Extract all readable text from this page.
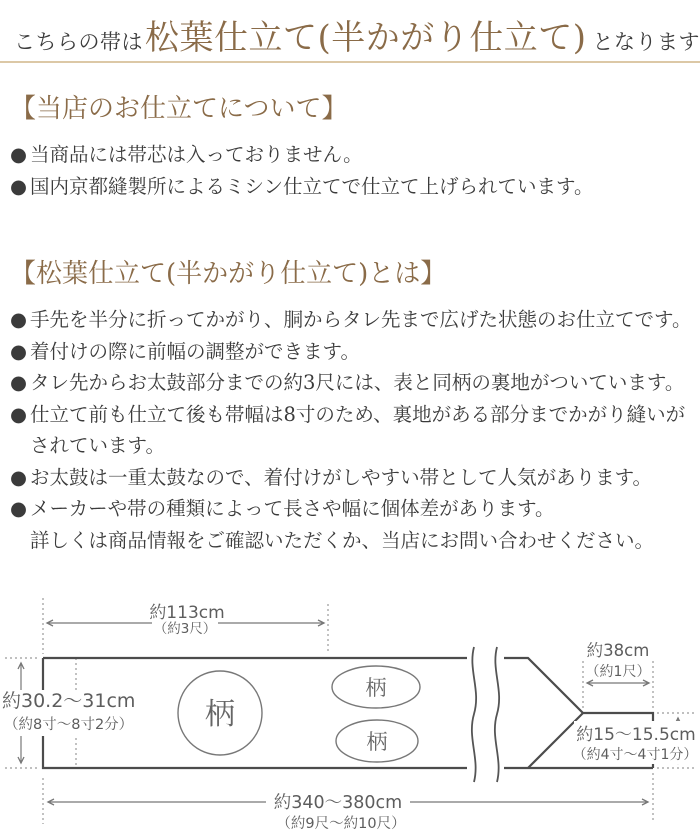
こちらの帯は 松葉仕立て(半かがり仕立て) となります
【当店のお仕立てについて】
● 当商品には帯芯は入っておりません。
● 国内京都縫製所によるミシン仕立てで仕立て上げられています。
【松葉仕立て(半かがり仕立て)とは】
● 手先を半分に折ってかがり、胴からタレ先まで広げた状態のお仕立てです。
● 着付けの際に前幅の調整ができます。
● タレ先からお太鼓部分までの約3尺には、表と同柄の裏地がついています。
● 仕立て前も仕立て後も帯幅は8寸のため、裏地がある部分までかがり縫いが
されています。
● お太鼓は一重太鼓なので、着付けがしやすい帯として人気があります。
● メーカーや帯の種類によって長さや幅に個体差があります。
詳しくは商品情報をご確認いただくか、当店にお問い合わせください。
約113cm
（約3尺）
約30.2～31cm
（約8寸～8寸2分）
約38cm
（約1尺）
約15～15.5cm
（約4寸～4寸1分）
約340～380cm
（約9尺～約10尺）
柄
柄
柄
